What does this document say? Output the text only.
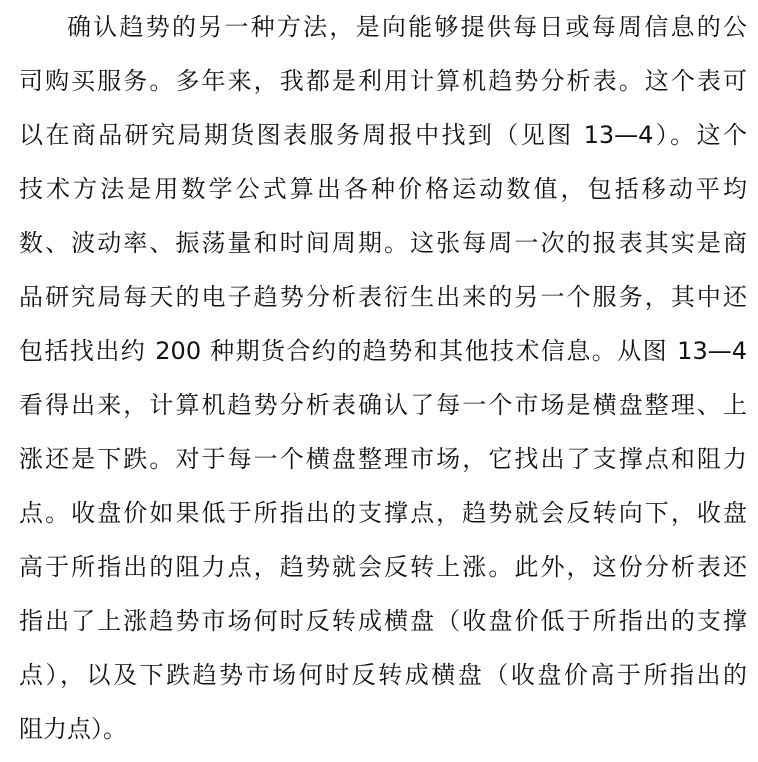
确认趋势的另一种方法，是向能够提供每日或每周信息的公
司购买服务。多年来，我都是利用计算机趋势分析表。这个表可
以在商品研究局期货图表服务周报中找到（见图 13—4）。这个
技术方法是用数学公式算出各种价格运动数值，包括移动平均
数、波动率、振荡量和时间周期。这张每周一次的报表其实是商
品研究局每天的电子趋势分析表衍生出来的另一个服务，其中还
包括找出约 200 种期货合约的趋势和其他技术信息。从图 13—4
看得出来，计算机趋势分析表确认了每一个市场是横盘整理、上
涨还是下跌。对于每一个横盘整理市场，它找出了支撑点和阻力
点。收盘价如果低于所指出的支撑点，趋势就会反转向下，收盘
高于所指出的阻力点，趋势就会反转上涨。此外，这份分析表还
指出了上涨趋势市场何时反转成横盘（收盘价低于所指出的支撑
点），以及下跌趋势市场何时反转成横盘（收盘价高于所指出的
阻力点）。
